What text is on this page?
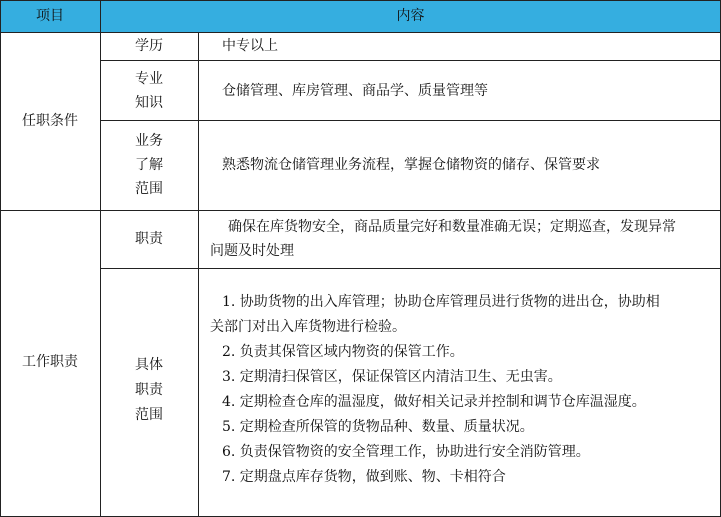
项目	内容
任职条件
学历	中专以上
专业
知识
仓储管理、库房管理、商品学、质量管理等
业务
了解
范围
熟悉物流仓储管理业务流程，掌握仓储物资的储存、保管要求
工作职责
职责
确保在库货物安全，商品质量完好和数量准确无误；定期巡查，发现异常
问题及时处理
具体
职责
范围
1. 协助货物的出入库管理；协助仓库管理员进行货物的进出仓，协助相
关部门对出入库货物进行检验。
2. 负责其保管区域内物资的保管工作。
3. 定期清扫保管区，保证保管区内清洁卫生、无虫害。
4. 定期检查仓库的温湿度，做好相关记录并控制和调节仓库温湿度。
5. 定期检查所保管的货物品种、数量、质量状况。
6. 负责保管物资的安全管理工作，协助进行安全消防管理。
7. 定期盘点库存货物，做到账、物、卡相符合
